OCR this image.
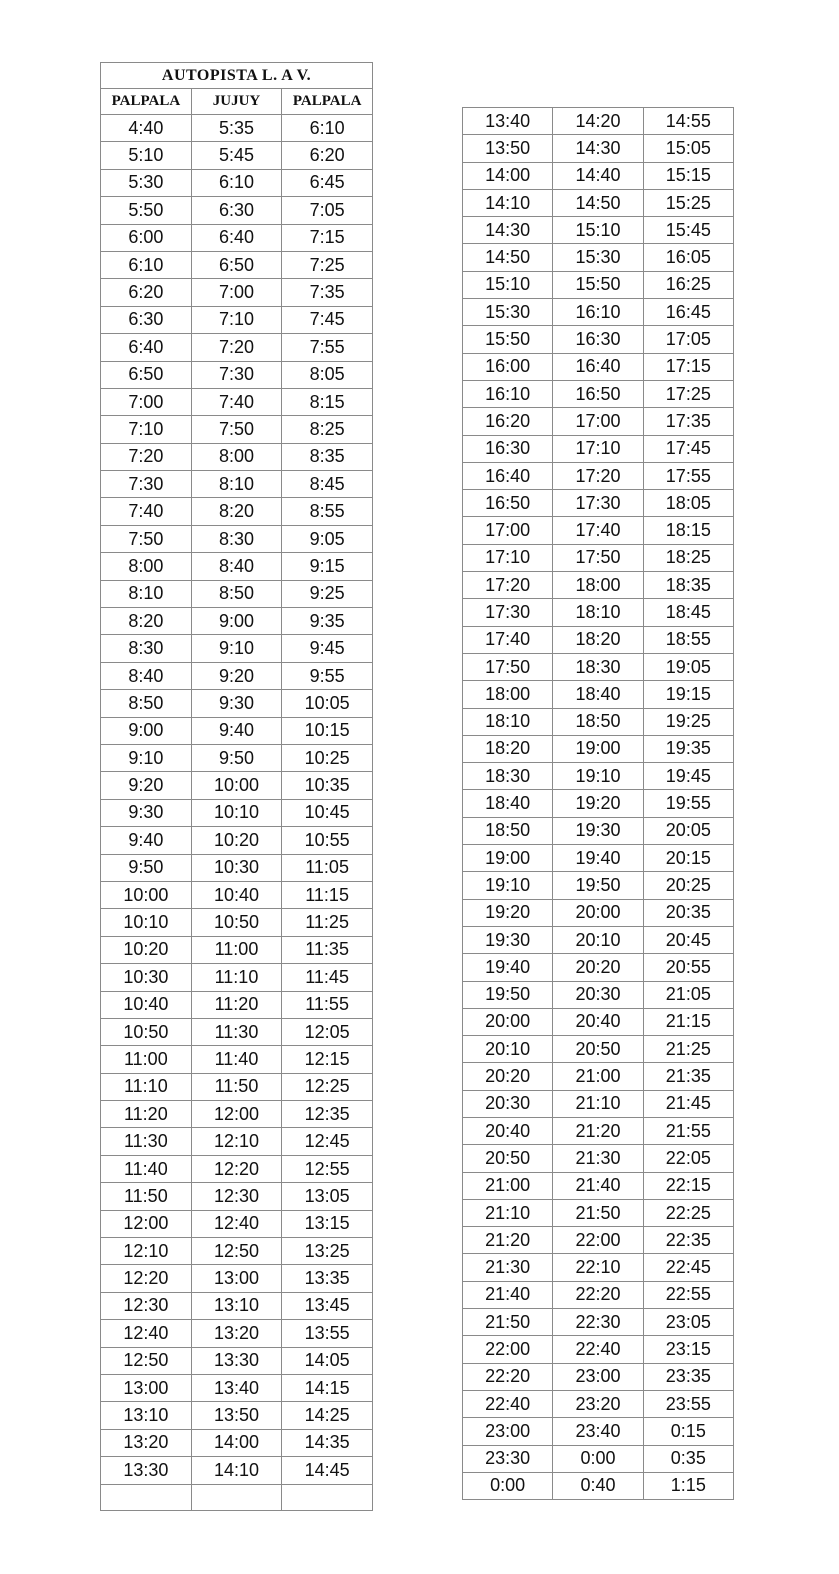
AUTOPISTA L. A V.		
PALPALA	JUJUY	PALPALA
4:40	5:35	6:10
5:10	5:45	6:20
5:30	6:10	6:45
5:50	6:30	7:05
6:00	6:40	7:15
6:10	6:50	7:25
6:20	7:00	7:35
6:30	7:10	7:45
6:40	7:20	7:55
6:50	7:30	8:05
7:00	7:40	8:15
7:10	7:50	8:25
7:20	8:00	8:35
7:30	8:10	8:45
7:40	8:20	8:55
7:50	8:30	9:05
8:00	8:40	9:15
8:10	8:50	9:25
8:20	9:00	9:35
8:30	9:10	9:45
8:40	9:20	9:55
8:50	9:30	10:05
9:00	9:40	10:15
9:10	9:50	10:25
9:20	10:00	10:35
9:30	10:10	10:45
9:40	10:20	10:55
9:50	10:30	11:05
10:00	10:40	11:15
10:10	10:50	11:25
10:20	11:00	11:35
10:30	11:10	11:45
10:40	11:20	11:55
10:50	11:30	12:05
11:00	11:40	12:15
11:10	11:50	12:25
11:20	12:00	12:35
11:30	12:10	12:45
11:40	12:20	12:55
11:50	12:30	13:05
12:00	12:40	13:15
12:10	12:50	13:25
12:20	13:00	13:35
12:30	13:10	13:45
12:40	13:20	13:55
12:50	13:30	14:05
13:00	13:40	14:15
13:10	13:50	14:25
13:20	14:00	14:35
13:30	14:10	14:45

13:40	14:20	14:55
13:50	14:30	15:05
14:00	14:40	15:15
14:10	14:50	15:25
14:30	15:10	15:45
14:50	15:30	16:05
15:10	15:50	16:25
15:30	16:10	16:45
15:50	16:30	17:05
16:00	16:40	17:15
16:10	16:50	17:25
16:20	17:00	17:35
16:30	17:10	17:45
16:40	17:20	17:55
16:50	17:30	18:05
17:00	17:40	18:15
17:10	17:50	18:25
17:20	18:00	18:35
17:30	18:10	18:45
17:40	18:20	18:55
17:50	18:30	19:05
18:00	18:40	19:15
18:10	18:50	19:25
18:20	19:00	19:35
18:30	19:10	19:45
18:40	19:20	19:55
18:50	19:30	20:05
19:00	19:40	20:15
19:10	19:50	20:25
19:20	20:00	20:35
19:30	20:10	20:45
19:40	20:20	20:55
19:50	20:30	21:05
20:00	20:40	21:15
20:10	20:50	21:25
20:20	21:00	21:35
20:30	21:10	21:45
20:40	21:20	21:55
20:50	21:30	22:05
21:00	21:40	22:15
21:10	21:50	22:25
21:20	22:00	22:35
21:30	22:10	22:45
21:40	22:20	22:55
21:50	22:30	23:05
22:00	22:40	23:15
22:20	23:00	23:35
22:40	23:20	23:55
23:00	23:40	0:15
23:30	0:00	0:35
0:00	0:40	1:15
